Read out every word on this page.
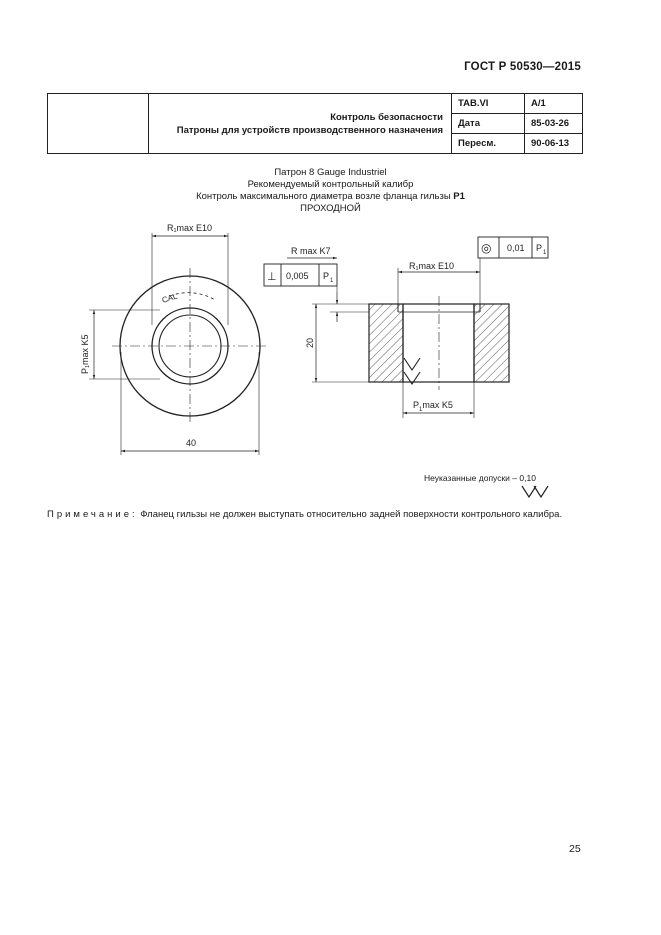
ГОСТ Р 50530—2015

	Контроль безопасности
Патроны для устройств производственного назначения	TAB.VI	A/1
		Дата	85-03-26
		Пересм.	90-06-13
Патрон 8 Gauge Industriel
Рекомендуемый контрольный калибр
Контроль максимального диаметра возле фланца гильзы P1
ПРОХОДНОЙ
R₁max E10
P₁max K5
40
CAL
R max K7
⊥ 0,005 P 1
◎ 0,01 P 1
R₁max E10
20
$P_1\max$ K5
Неуказанные допуски – 0,10
Примечание: Фланец гильзы не должен выступать относительно задней поверхности контрольного калибра.
25
